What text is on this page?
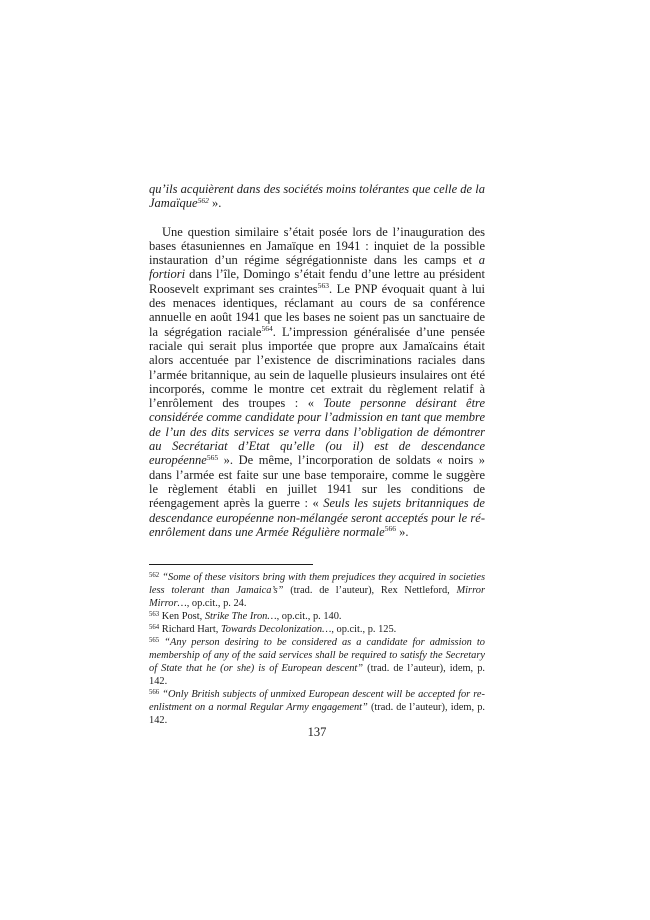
qu’ils acquièrent dans des sociétés moins tolérantes que celle de la Jamaïque$^{562}$ ».

Une question similaire s’était posée lors de l’inauguration des bases étasuniennes en Jamaïque en 1941 : inquiet de la possible instauration d’un régime ségrégationniste dans les camps et a fortiori dans l’île, Domingo s’était fendu d’une lettre au président Roosevelt exprimant ses craintes$^{563}$. Le PNP évoquait quant à lui des menaces identiques, réclamant au cours de sa conférence annuelle en août 1941 que les bases ne soient pas un sanctuaire de la ségrégation raciale$^{564}$. L’impression généralisée d’une pensée raciale qui serait plus importée que propre aux Jamaïcains était alors accentuée par l’existence de discriminations raciales dans l’armée britannique, au sein de laquelle plusieurs insulaires ont été incorporés, comme le montre cet extrait du règlement relatif à l’enrôlement des troupes : « Toute personne désirant être considérée comme candidate pour l’admission en tant que membre de l’un des dits services se verra dans l’obligation de démontrer au Secrétariat d’Etat qu’elle (ou il) est de descendance européenne$^{565}$ ». De même, l’incorporation de soldats « noirs » dans l’armée est faite sur une base temporaire, comme le suggère le règlement établi en juillet 1941 sur les conditions de réengagement après la guerre : « Seuls les sujets britanniques de descendance européenne non-mélangée seront acceptés pour le ré-enrôlement dans une Armée Régulière normale$^{566}$ ».

$^{562}$ “Some of these visitors bring with them prejudices they acquired in societies less tolerant than Jamaica’s” (trad. de l’auteur), Rex Nettleford, Mirror Mirror…, op.cit., p. 24.
$^{563}$ Ken Post, Strike The Iron…, op.cit., p. 140.
$^{564}$ Richard Hart, Towards Decolonization…, op.cit., p. 125.
$^{565}$ “Any person desiring to be considered as a candidate for admission to membership of any of the said services shall be required to satisfy the Secretary of State that he (or she) is of European descent” (trad. de l’auteur), idem, p. 142.
$^{566}$ “Only British subjects of unmixed European descent will be accepted for re-enlistment on a normal Regular Army engagement” (trad. de l’auteur), idem, p. 142.
137
